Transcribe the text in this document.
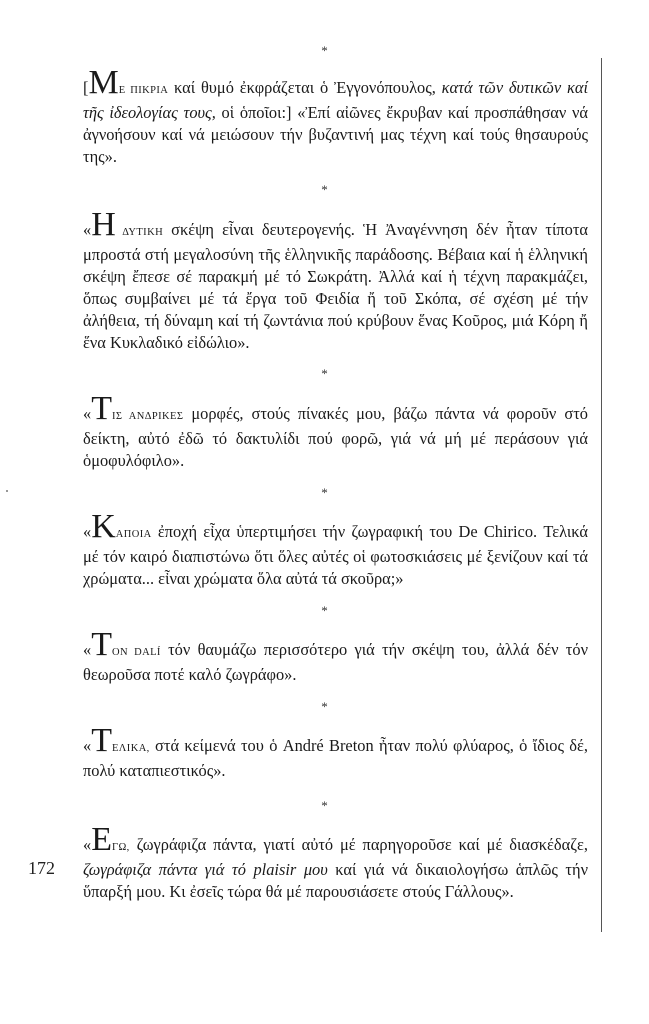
*
[ΜΕ ΠΙΚΡΙΑ καί θυμό ἐκφράζεται ὁ Ἐγγονόπουλος, κατά τῶν δυτικῶν καί τῆς ἰδεολογίας τους, οἱ ὁποῖοι:] «Ἐπί αἰῶνες ἔκρυβαν καί προσπάθησαν νά ἀγνοήσουν καί νά μειώσουν τήν βυζαντινή μας τέχνη καί τούς θησαυρούς της».
*
«Η ΔΥΤΙΚΗ σκέψη εἶναι δευτερογενής. Ἡ Ἀναγέννηση δέν ἦταν τίποτα μπροστά στή μεγαλοσύνη τῆς ἑλληνικῆς παράδοσης. Βέβαια καί ἡ ἑλληνική σκέψη ἔπεσε σέ παρακμή μέ τό Σωκράτη. Ἀλλά καί ἡ τέχνη παρακμάζει, ὅπως συμβαίνει μέ τά ἔργα τοῦ Φειδία ἤ τοῦ Σκόπα, σέ σχέση μέ τήν ἀλήθεια, τή δύναμη καί τή ζωντάνια πού κρύβουν ἕνας Κοῦρος, μιά Κόρη ἤ ἕνα Κυκλαδικό εἰδώλιο».
*
«ΤΙΣ ΑΝΔΡΙΚΕΣ μορφές, στούς πίνακές μου, βάζω πάντα νά φοροῦν στό δείκτη, αὐτό ἐδῶ τό δακτυλίδι πού φορῶ, γιά νά μή μέ περάσουν γιά ὁμοφυλόφιλο».
*
«ΚΑΠΟΙΑ ἐποχή εἶχα ὑπερτιμήσει τήν ζωγραφική του De Chirico. Τελικά μέ τόν καιρό διαπιστώνω ὅτι ὅλες αὐτές οἱ φωτοσκιάσεις μέ ξενίζουν καί τά χρώματα... εἶναι χρώματα ὅλα αὐτά τά σκοῦρα;»
*
«ΤΟΝ DALÍ τόν θαυμάζω περισσότερο γιά τήν σκέψη του, ἀλλά δέν τόν θεωροῦσα ποτέ καλό ζωγράφο».
*
«ΤΕΛΙΚΑ, στά κείμενά του ὁ André Breton ἦταν πολύ φλύαρος, ὁ ἴδιος δέ, πολύ καταπιεστικός».
*
«ΕΓΩ, ζωγράφιζα πάντα, γιατί αὐτό μέ παρηγοροῦσε καί μέ διασκέδαζε, ζωγράφιζα πάντα γιά τό plaisir μου καί γιά νά δικαιολογήσω ἁπλῶς τήν ὕπαρξή μου. Κι ἐσεῖς τώρα θά μέ παρουσιάσετε στούς Γάλλους».
172
